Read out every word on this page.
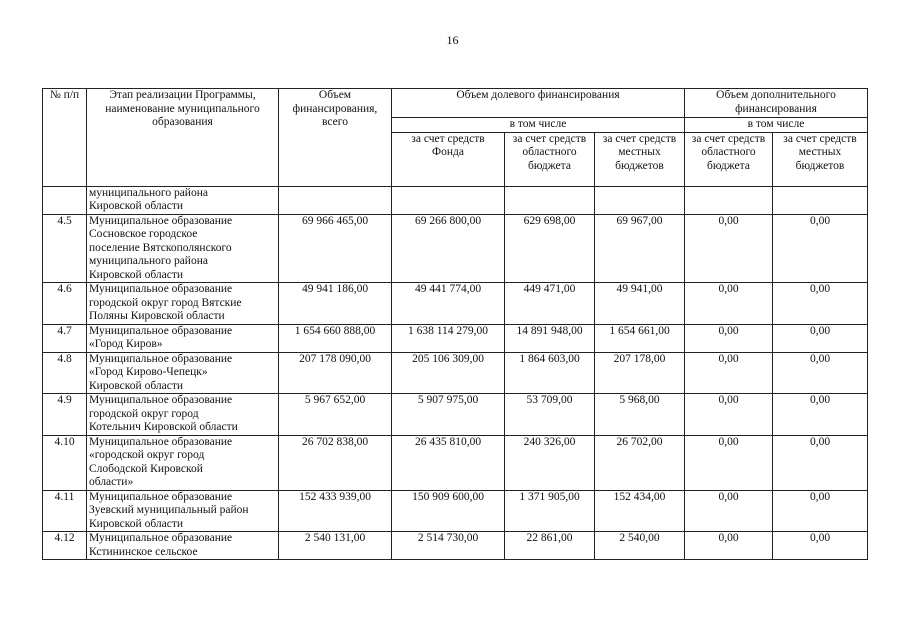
16
№ п/п	Этап реализации Программы, наименование муниципального образования	Объем финансирования, всего	Объем долевого финансирования			Объем дополнительного финансирования	
			в том числе			в том числе	
			за счет средств Фонда	за счет средств областного бюджета	за счет средств местных бюджетов	за счет средств областного бюджета	за счет средств местных бюджетов
	муниципального района
Кировской области						
4.5	Муниципальное образование
Сосновское городское
поселение Вятскополянского
муниципального района
Кировской области	69 966 465,00	69 266 800,00	629 698,00	69 967,00	0,00	0,00
4.6	Муниципальное образование
городской округ город Вятские
Поляны Кировской области	49 941 186,00	49 441 774,00	449 471,00	49 941,00	0,00	0,00
4.7	Муниципальное образование
«Город Киров»	1 654 660 888,00	1 638 114 279,00	14 891 948,00	1 654 661,00	0,00	0,00
4.8	Муниципальное образование
«Город Кирово-Чепецк»
Кировской области	207 178 090,00	205 106 309,00	1 864 603,00	207 178,00	0,00	0,00
4.9	Муниципальное образование
городской округ город
Котельнич Кировской области	5 967 652,00	5 907 975,00	53 709,00	5 968,00	0,00	0,00
4.10	Муниципальное образование
«городской округ город
Слободской Кировской
области»	26 702 838,00	26 435 810,00	240 326,00	26 702,00	0,00	0,00
4.11	Муниципальное образование
Зуевский муниципальный район
Кировской области	152 433 939,00	150 909 600,00	1 371 905,00	152 434,00	0,00	0,00
4.12	Муниципальное образование
Кстининское сельское	2 540 131,00	2 514 730,00	22 861,00	2 540,00	0,00	0,00
